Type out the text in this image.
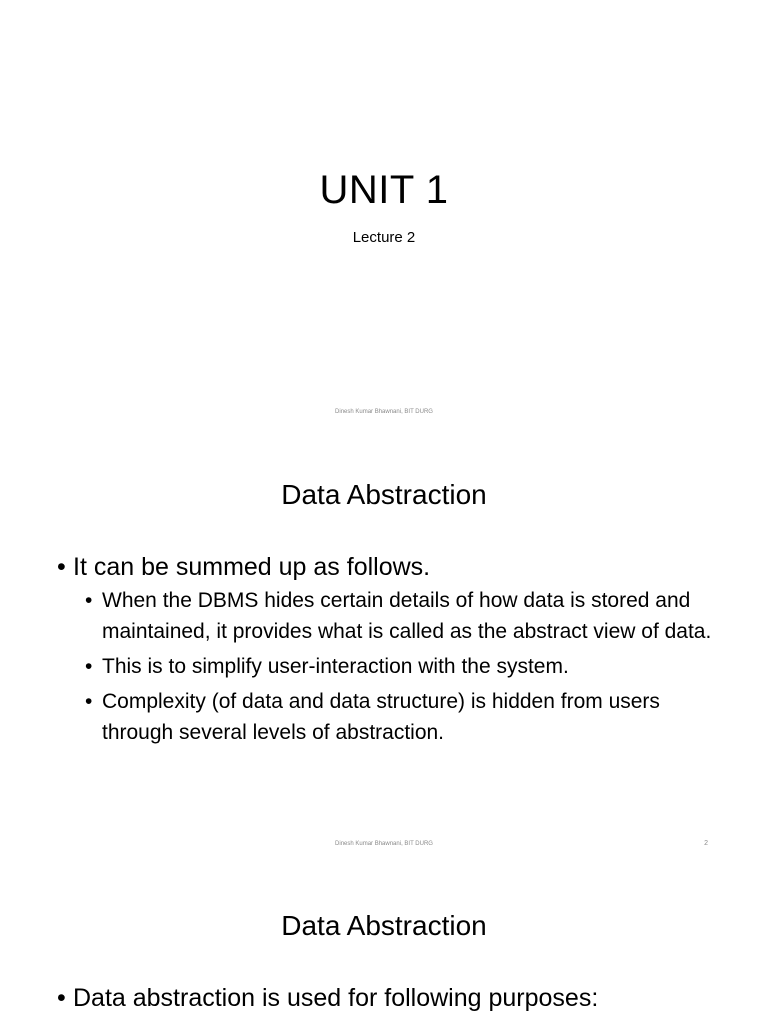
UNIT 1
Lecture 2
Dinesh Kumar Bhawnani, BIT DURG
Data Abstraction
• It can be summed up as follows.
• When the DBMS hides certain details of how data is stored and maintained, it provides what is called as the abstract view of data.
• This is to simplify user-interaction with the system.
• Complexity (of data and data structure) is hidden from users through several levels of abstraction.
Dinesh Kumar Bhawnani, BIT DURG	2
Data Abstraction
• Data abstraction is used for following purposes:
